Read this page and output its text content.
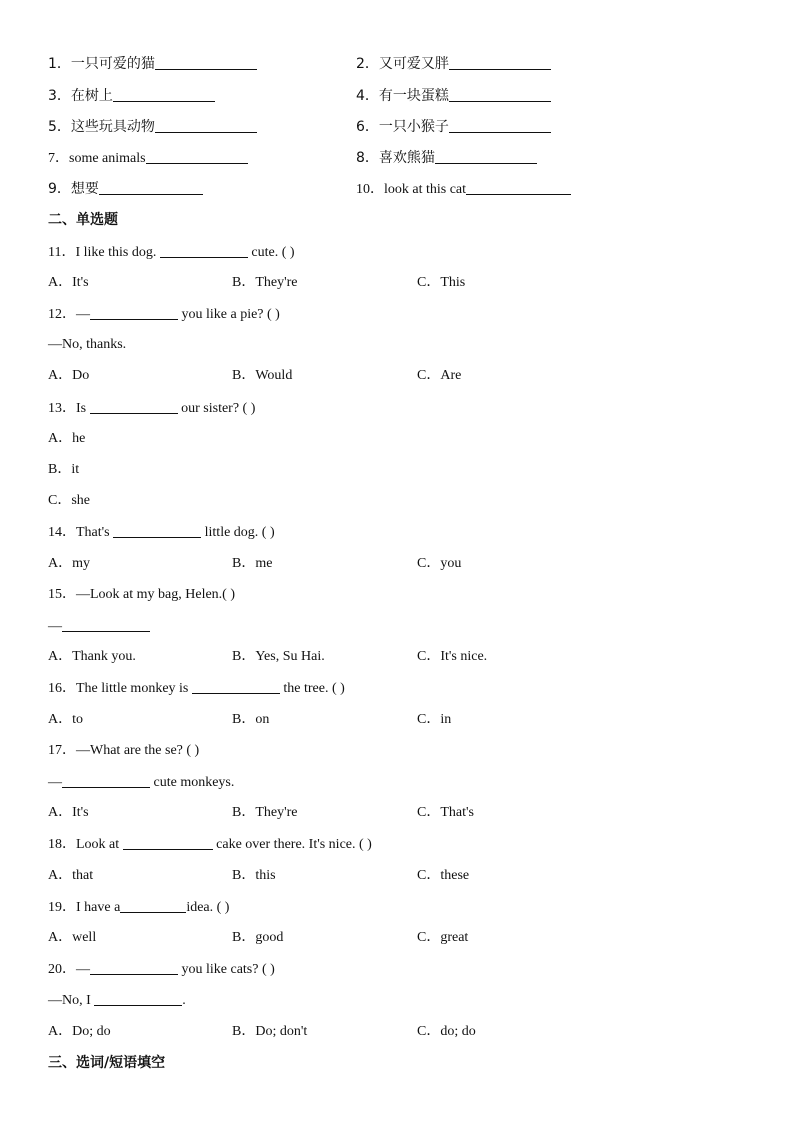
1．一只可爱的猫	2．又可爱又胖
3．在树上	4．有一块蛋糕
5．这些玩具动物	6．一只小猴子
7．some animals	8．喜欢熊猫
9．想要	10．look at this cat
二、单选题
11．I like this dog.	cute. ( )
A．It's	B．They're	C．This
12．—	you like a pie? ( )
—No, thanks.
A．Do	B．Would	C．Are
13．Is	our sister? ( )
A．he
B．it
C．she
14．That's	little dog. ( )
A．my	B．me	C．you
15．—Look at my bag, Helen.( )
—
A．Thank you.	B．Yes, Su Hai.	C．It's nice.
16．The little monkey is	the tree. ( )
A．to	B．on	C．in
17．—What are the se? ( )
—	cute monkeys.
A．It's	B．They're	C．That's
18．Look at	cake over there. It's nice. ( )
A．that	B．this	C．these
19．I have a	idea. ( )
A．well	B．good	C．great
20．—	you like cats? ( )
—No, I	.
A．Do; do	B．Do; don't	C．do; do
三、选词/短语填空
